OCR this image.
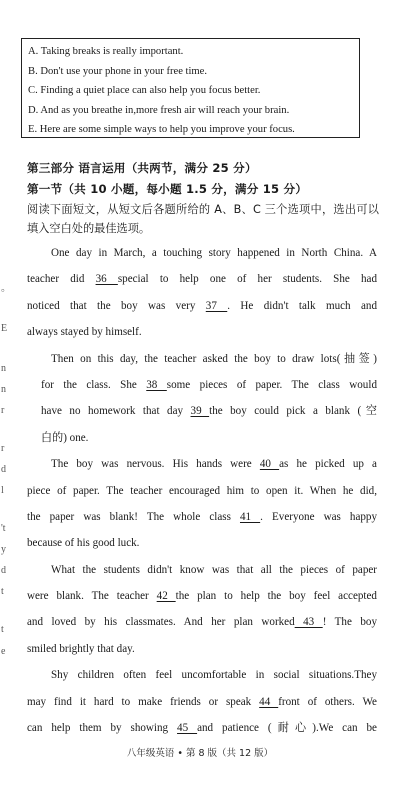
A. Taking breaks is really important.
B. Don't use your phone in your free time.
C. Finding a quiet place can also help you focus better.
D. And as you breathe in,more fresh air will reach your brain.
E. Here are some simple ways to help you improve your focus.
第三部分 语言运用（共两节，满分 25 分）
第一节（共 10 小题，每小题 1.5 分，满分 15 分）
阅读下面短文，从短文后各题所给的 A、B、C 三个选项中，选出可以填入空白处的最佳选项。
One day in March, a touching story happened in North China. A
teacher did 36 special to help one of her students. She had
noticed that the boy was very 37 . He didn't talk much and
always stayed by himself.
Then on this day, the teacher asked the boy to draw lots(抽签)
for the class. She 38 some pieces of paper. The class would
have no homework that day 39 the boy could pick a blank (空
白的) one.
The boy was nervous. His hands were 40 as he picked up a
piece of paper. The teacher encouraged him to open it. When he did,
the paper was blank! The whole class 41 . Everyone was happy
because of his good luck.
What the students didn't know was that all the pieces of paper
were blank. The teacher 42 the plan to help the boy feel accepted
and loved by his classmates. And her plan worked 43 ! The boy
smiled brightly that day.
Shy children often feel uncomfortable in social situations.They
may find it hard to make friends or speak 44 front of others. We
can help them by showing 45 and patience (耐心).We can be
。
E
n
n
r
r
d
l
't
y
d
t
t
e
八年级英语 • 第 8 版（共 12 版）
